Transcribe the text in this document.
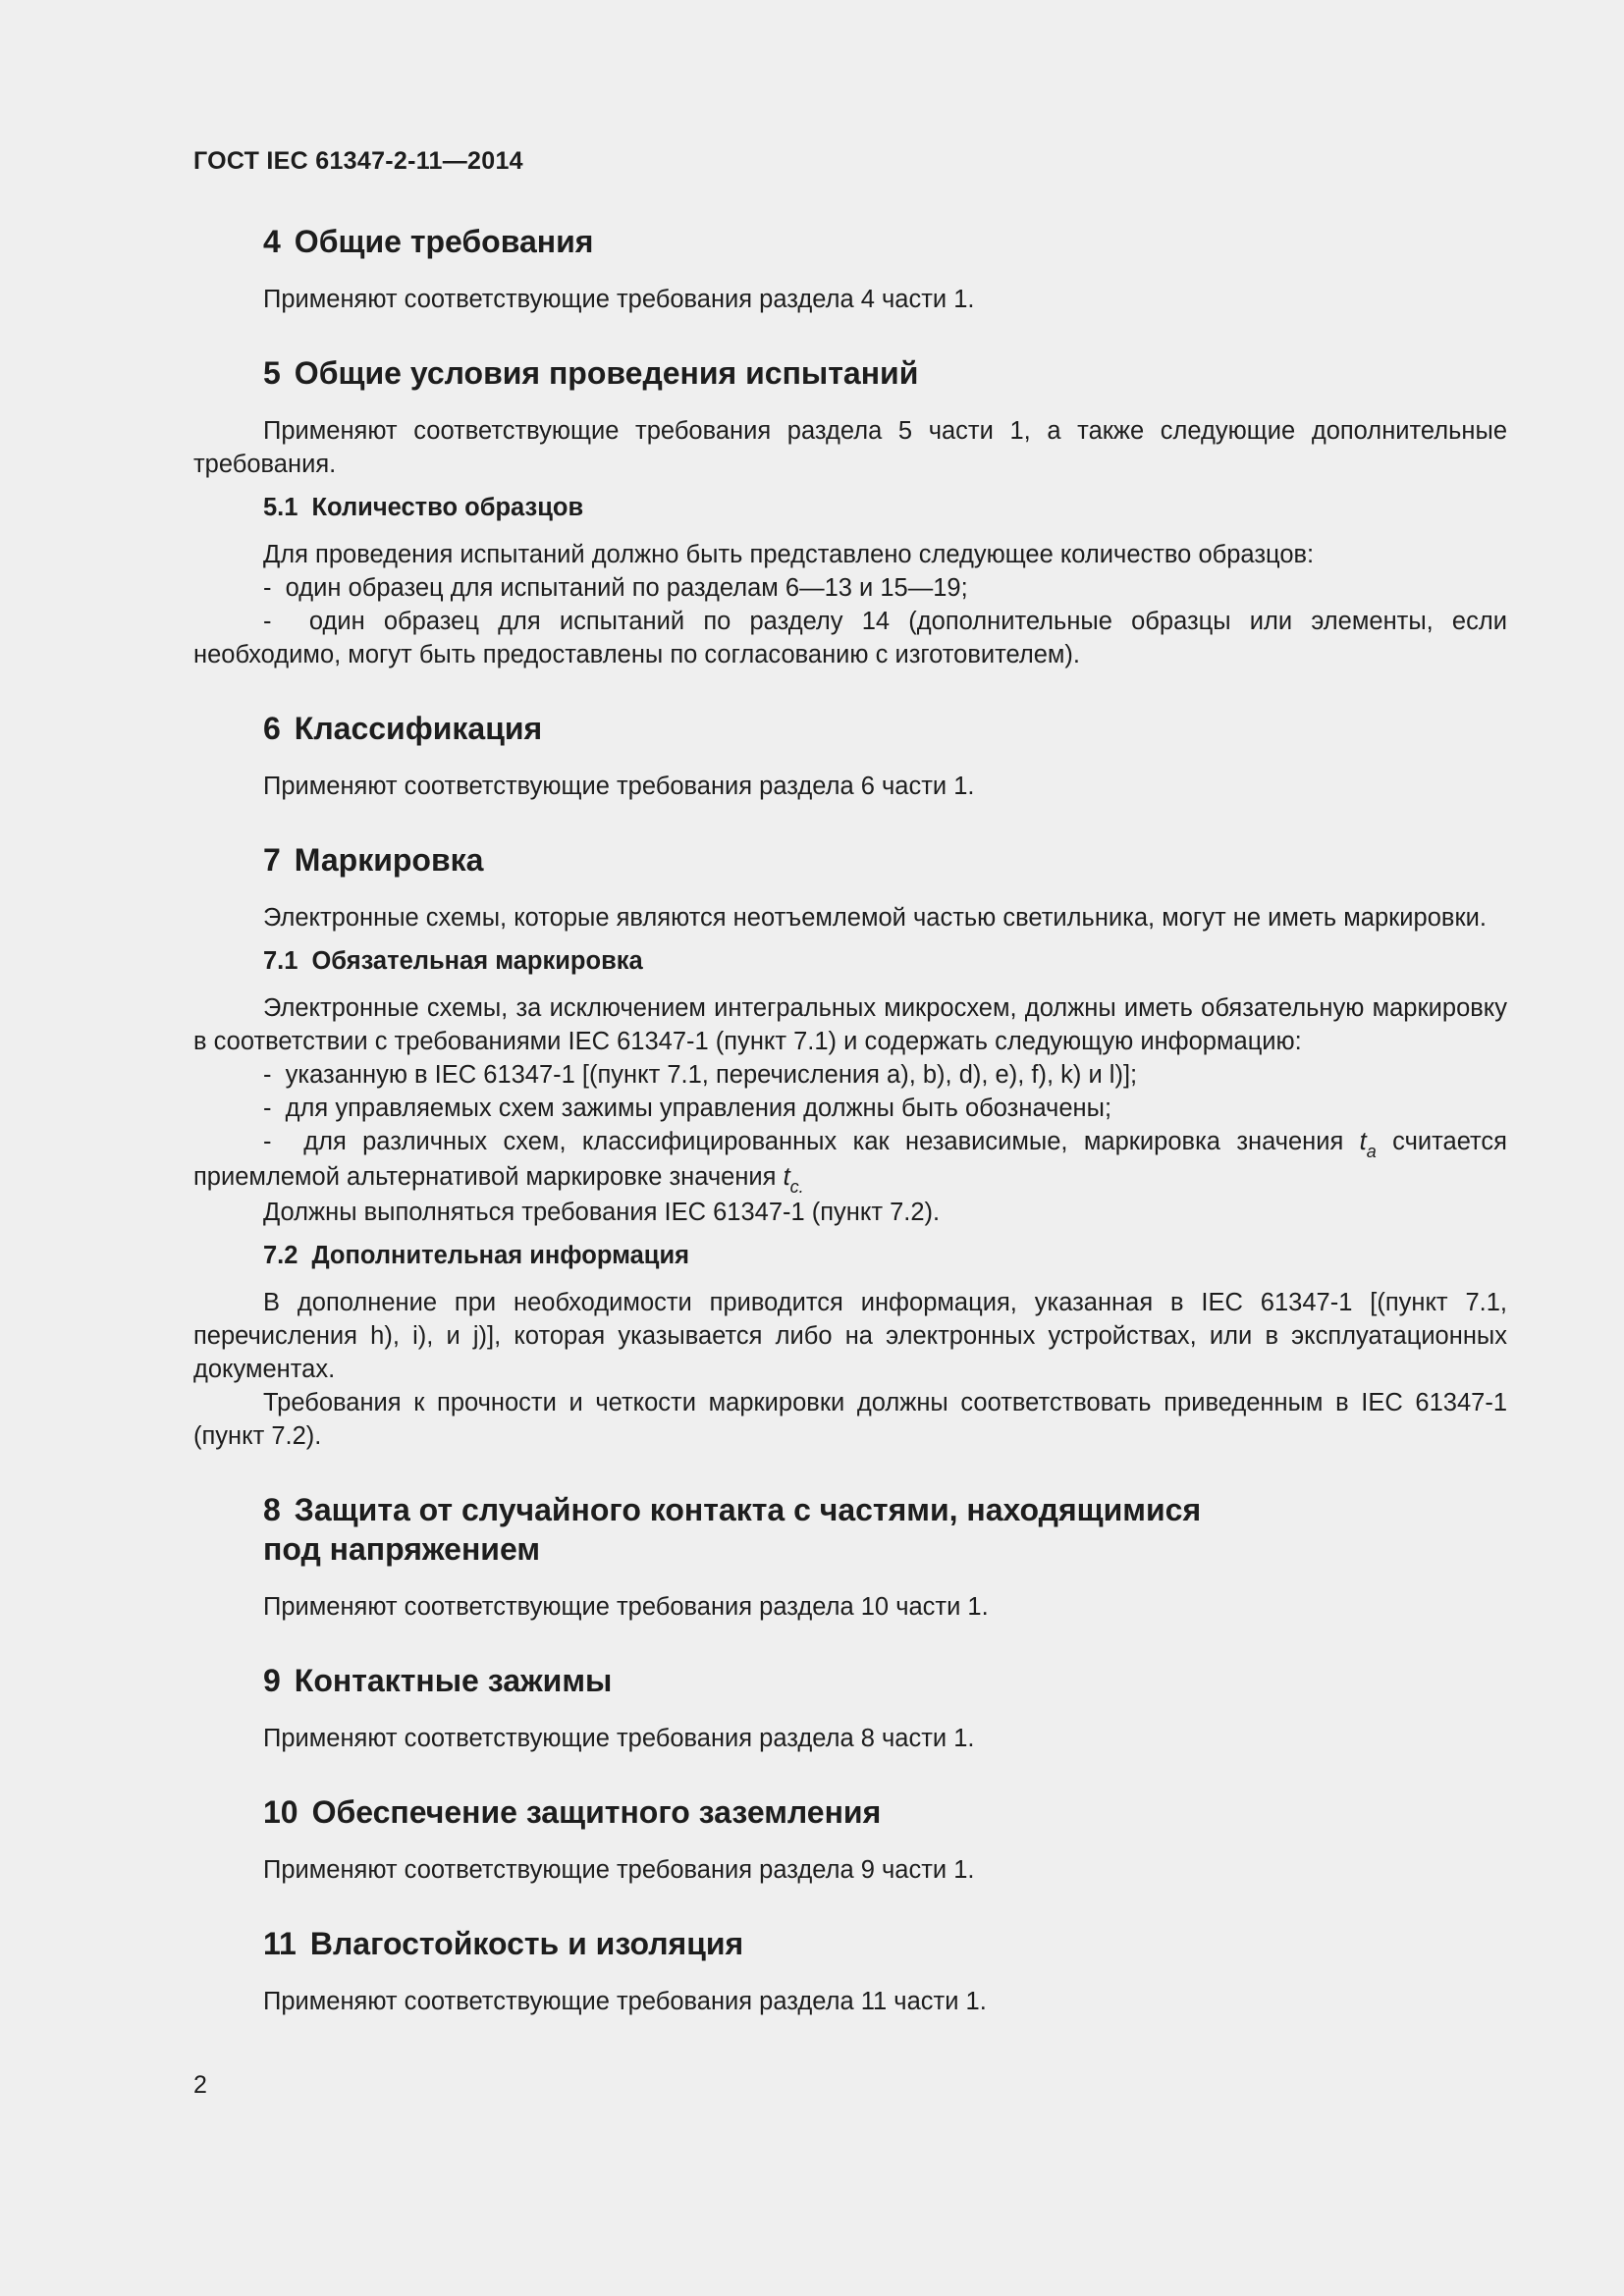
ГОСТ IEC 61347-2-11—2014
4 Общие требования

Применяют соответствующие требования раздела 4 части 1.

5 Общие условия проведения испытаний

Применяют соответствующие требования раздела 5 части 1, а также следующие дополнительные требования.

5.1 Количество образцов

Для проведения испытаний должно быть представлено следующее количество образцов:

-  один образец для испытаний по разделам 6—13 и 15—19;

-  один образец для испытаний по разделу 14 (дополнительные образцы или элементы, если необходимо, могут быть предоставлены по согласованию с изготовителем).

6 Классификация

Применяют соответствующие требования раздела 6 части 1.

7 Маркировка

Электронные схемы, которые являются неотъемлемой частью светильника, могут не иметь маркировки.

7.1 Обязательная маркировка

Электронные схемы, за исключением интегральных микросхем, должны иметь обязательную маркировку в соответствии с требованиями IEC 61347-1 (пункт 7.1) и содержать следующую информацию:

-  указанную в IEC 61347-1 [(пункт 7.1, перечисления a), b), d), e), f), k) и l)];

-  для управляемых схем зажимы управления должны быть обозначены;

-  для различных схем, классифицированных как независимые, маркировка значения $t_a$ считается приемлемой альтернативой маркировке значения $t_{c.}$

Должны выполняться требования IEC 61347-1 (пункт 7.2).

7.2 Дополнительная информация

В дополнение при необходимости приводится информация, указанная в IEC 61347-1 [(пункт 7.1, перечисления h), i), и j)], которая указывается либо на электронных устройствах, или в эксплуатационных документах.

Требования к прочности и четкости маркировки должны соответствовать приведенным в IEC 61347-1 (пункт 7.2).

8 Защита от случайного контакта с частями, находящимися
под напряжением

Применяют соответствующие требования раздела 10 части 1.

9 Контактные зажимы

Применяют соответствующие требования раздела 8 части 1.

10 Обеспечение защитного заземления

Применяют соответствующие требования раздела 9 части 1.

11 Влагостойкость и изоляция

Применяют соответствующие требования раздела 11 части 1.

2
